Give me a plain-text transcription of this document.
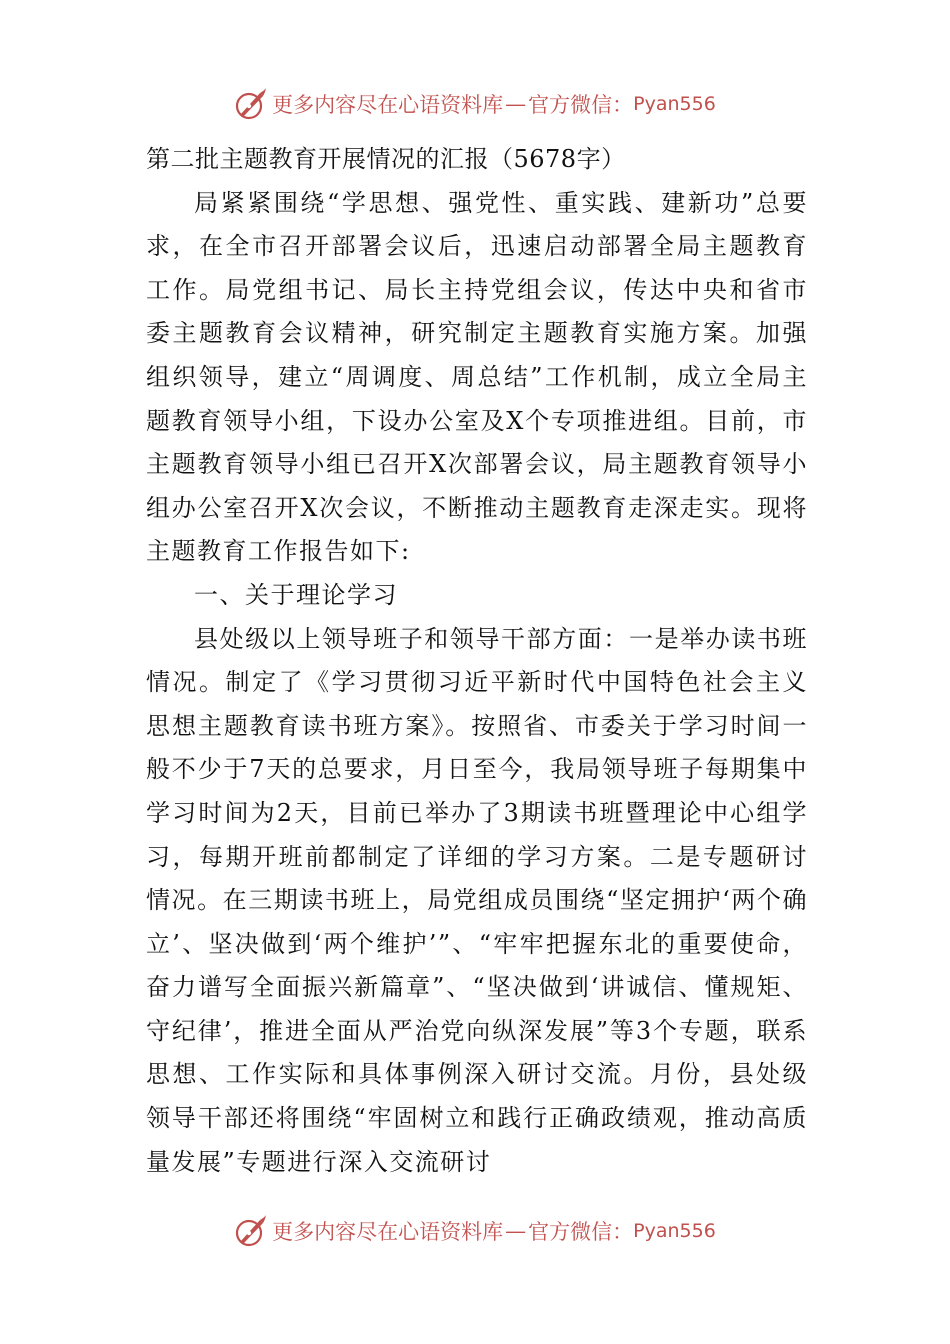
更多内容尽在心语资料库 — 官方微信： Pyan556

第二批主题教育开展情况的汇报（5678字）

局紧紧围绕“学思想、强党性、重实践、建新功”总要求，在全市召开部署会议后，迅速启动部署全局主题教育工作。局党组书记、局长主持党组会议，传达中央和省市委主题教育会议精神，研究制定主题教育实施方案。加强组织领导，建立“周调度、周总结”工作机制，成立全局主题教育领导小组，下设办公室及X个专项推进组。目前，市主题教育领导小组已召开X次部署会议，局主题教育领导小组办公室召开X次会议，不断推动主题教育走深走实。现将主题教育工作报告如下:

一、关于理论学习

县处级以上领导班子和领导干部方面：一是举办读书班情况。制定了《学习贯彻习近平新时代中国特色社会主义思想主题教育读书班方案》。按照省、市委关于学习时间一般不少于7天的总要求，月日至今，我局领导班子每期集中学习时间为2天，目前已举办了3期读书班暨理论中心组学习，每期开班前都制定了详细的学习方案。二是专题研讨情况。在三期读书班上，局党组成员围绕“坚定拥护‘两个确立’、坚决做到‘两个维护’”、“牢牢把握东北的重要使命，奋力谱写全面振兴新篇章”、“坚决做到‘讲诚信、懂规矩、守纪律’，推进全面从严治党向纵深发展”等3个专题，联系思想、工作实际和具体事例深入研讨交流。月份，县处级领导干部还将围绕“牢固树立和践行正确政绩观，推动高质量发展”专题进行深入交流研讨

更多内容尽在心语资料库 — 官方微信： Pyan556
